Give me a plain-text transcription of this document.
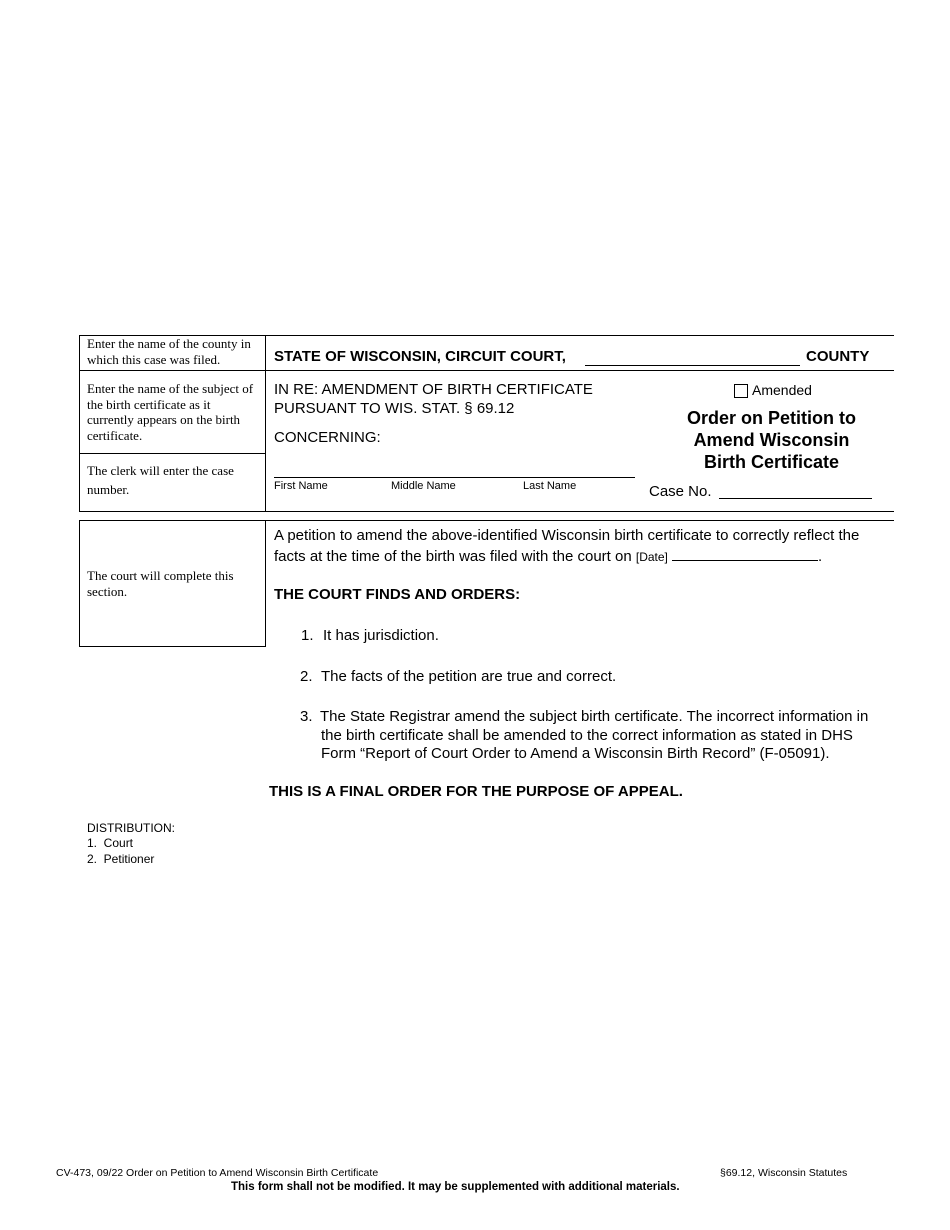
Enter the name of the county in which this case was filed.
Enter the name of the subject of the birth certificate as it currently appears on the birth certificate.
The clerk will enter the case number.
STATE OF WISCONSIN, CIRCUIT COURT,	COUNTY
IN RE: AMENDMENT OF BIRTH CERTIFICATE
PURSUANT TO WIS. STAT. § 69.12
CONCERNING:
First Name	Middle Name	Last Name
Amended
Order on Petition to
Amend Wisconsin
Birth Certificate
Case No.
The court will complete this section.
A petition to amend the above-identified Wisconsin birth certificate to correctly reflect the
facts at the time of the birth was filed with the court on [Date]	.
THE COURT FINDS AND ORDERS:
1. It has jurisdiction.
2. The facts of the petition are true and correct.
3. The State Registrar amend the subject birth certificate. The incorrect information in
the birth certificate shall be amended to the correct information as stated in DHS
Form “Report of Court Order to Amend a Wisconsin Birth Record” (F-05091).
THIS IS A FINAL ORDER FOR THE PURPOSE OF APPEAL.
DISTRIBUTION:
1.  Court
2.  Petitioner
CV-473, 09/22 Order on Petition to Amend Wisconsin Birth Certificate	§69.12, Wisconsin Statutes
This form shall not be modified. It may be supplemented with additional materials.
